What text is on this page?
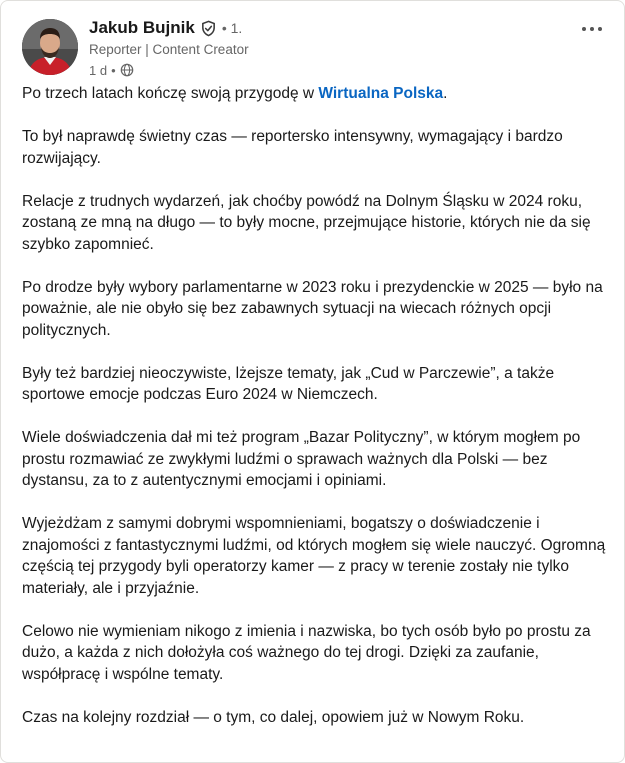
Jakub Bujnik • 1.
Reporter | Content Creator
1 d •

Po trzech latach kończę swoją przygodę w Wirtualna Polska.

To był naprawdę świetny czas — reportersko intensywny, wymagający i bardzo rozwijający.

Relacje z trudnych wydarzeń, jak choćby powódź na Dolnym Śląsku w 2024 roku, zostaną ze mną na długo — to były mocne, przejmujące historie, których nie da się szybko zapomnieć.

Po drodze były wybory parlamentarne w 2023 roku i prezydenckie w 2025 — było na poważnie, ale nie obyło się bez zabawnych sytuacji na wiecach różnych opcji politycznych.

Były też bardziej nieoczywiste, lżejsze tematy, jak „Cud w Parczewie”, a także sportowe emocje podczas Euro 2024 w Niemczech.

Wiele doświadczenia dał mi też program „Bazar Polityczny”, w którym mogłem po prostu rozmawiać ze zwykłymi ludźmi o sprawach ważnych dla Polski — bez dystansu, za to z autentycznymi emocjami i opiniami.

Wyjeżdżam z samymi dobrymi wspomnieniami, bogatszy o doświadczenie i znajomości z fantastycznymi ludźmi, od których mogłem się wiele nauczyć. Ogromną częścią tej przygody byli operatorzy kamer — z pracy w terenie zostały nie tylko materiały, ale i przyjaźnie.

Celowo nie wymieniam nikogo z imienia i nazwiska, bo tych osób było po prostu za dużo, a każda z nich dołożyła coś ważnego do tej drogi. Dzięki za zaufanie, współpracę i wspólne tematy.

Czas na kolejny rozdział — o tym, co dalej, opowiem już w Nowym Roku.
